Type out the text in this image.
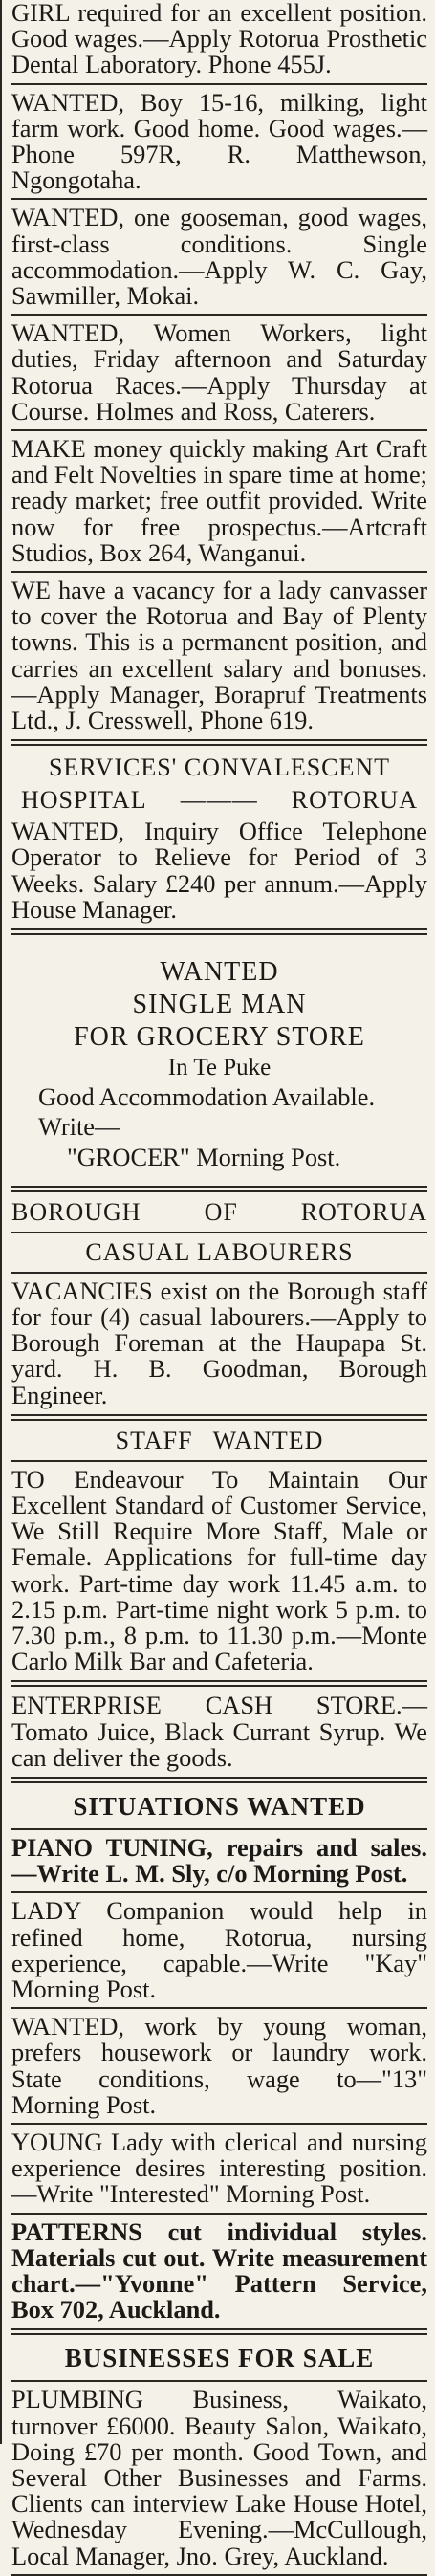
GIRL required for an excellent position. Good wages.—Apply Rotorua Prosthetic Dental Laboratory. Phone 455J.
WANTED, Boy 15-16, milking, light farm work. Good home. Good wages.—Phone 597R, R. Matthewson, Ngongotaha.
WANTED, one gooseman, good wages, first-class conditions. Single accommodation.—Apply W. C. Gay, Sawmiller, Mokai.
WANTED, Women Workers, light duties, Friday afternoon and Saturday Rotorua Races.—Apply Thursday at Course. Holmes and Ross, Caterers.
MAKE money quickly making Art Craft and Felt Novelties in spare time at home; ready market; free outfit provided. Write now for free prospectus.—Artcraft Studios, Box 264, Wanganui.
WE have a vacancy for a lady canvasser to cover the Rotorua and Bay of Plenty towns. This is a permanent position, and carries an excellent salary and bonuses.—Apply Manager, Borapruf Treatments Ltd., J. Cresswell, Phone 619.
SERVICES' CONVALESCENT
HOSPITAL ——— ROTORUA
WANTED, Inquiry Office Telephone Operator to Relieve for Period of 3 Weeks. Salary £240 per annum.—Apply House Manager.
WANTED
SINGLE MAN
FOR GROCERY STORE
In Te Puke
Good Accommodation Available.
Write—
"GROCER" Morning Post.
BOROUGH	OF	ROTORUA
CASUAL LABOURERS
VACANCIES exist on the Borough staff for four (4) casual labourers.—Apply to Borough Foreman at the Haupapa St. yard. H. B. Goodman, Borough Engineer.
STAFF WANTED
TO Endeavour To Maintain Our Excellent Standard of Customer Service, We Still Require More Staff, Male or Female. Applications for full-time day work. Part-time day work 11.45 a.m. to 2.15 p.m. Part-time night work 5 p.m. to 7.30 p.m., 8 p.m. to 11.30 p.m.—Monte Carlo Milk Bar and Cafeteria.
ENTERPRISE CASH STORE.—Tomato Juice, Black Currant Syrup. We can deliver the goods.
SITUATIONS WANTED
PIANO TUNING, repairs and sales. —Write L. M. Sly, c/o Morning Post.
LADY Companion would help in refined home, Rotorua, nursing experience, capable.—Write "Kay" Morning Post.
WANTED, work by young woman, prefers housework or laundry work. State conditions, wage to—"13" Morning Post.
YOUNG Lady with clerical and nursing experience desires interesting position.—Write "Interested" Morning Post.
PATTERNS cut individual styles. Materials cut out. Write measurement chart.—"Yvonne" Pattern Service, Box 702, Auckland.
BUSINESSES FOR SALE
PLUMBING Business, Waikato, turnover £6000. Beauty Salon, Waikato, Doing £70 per month. Good Town, and Several Other Businesses and Farms. Clients can interview Lake House Hotel, Wednesday Evening.—McCullough, Local Manager, Jno. Grey, Auckland.
